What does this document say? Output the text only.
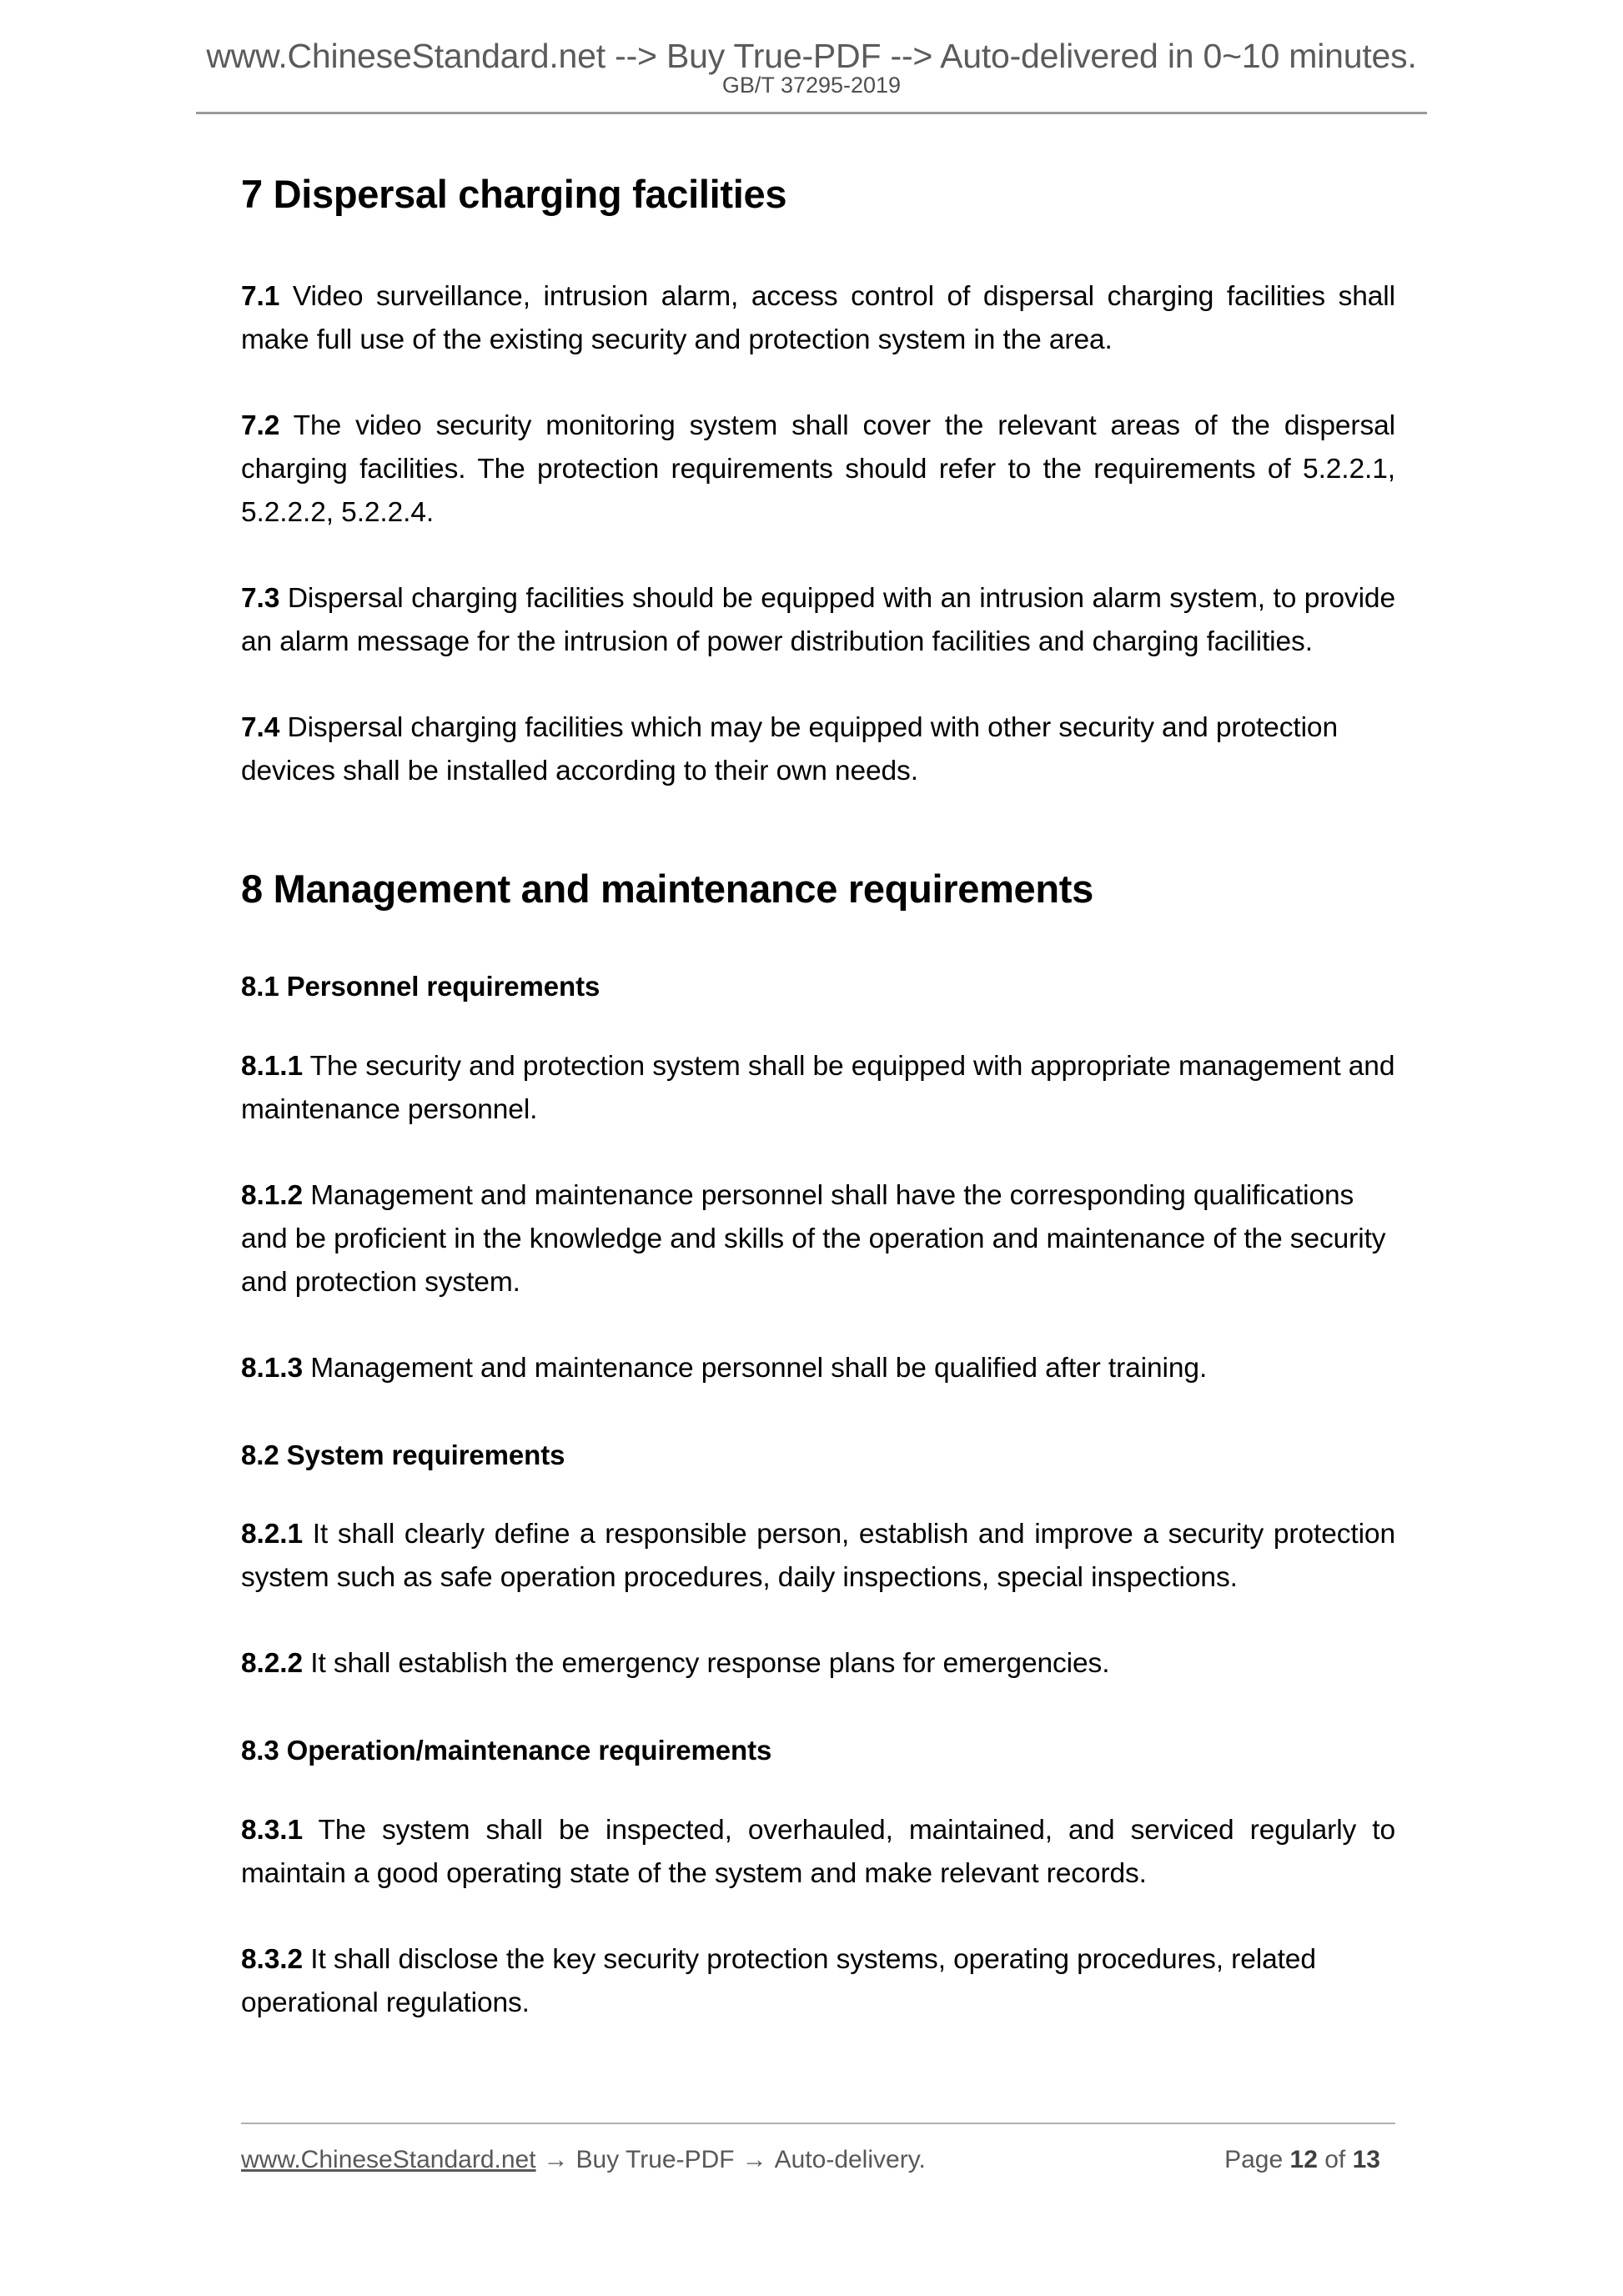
www.ChineseStandard.net --> Buy True-PDF --> Auto-delivered in 0~10 minutes.
GB/T 37295-2019
7 Dispersal charging facilities

7.1 Video surveillance, intrusion alarm, access control of dispersal charging facilities shall make full use of the existing security and protection system in the area.

7.2 The video security monitoring system shall cover the relevant areas of the dispersal charging facilities. The protection requirements should refer to the requirements of 5.2.2.1, 5.2.2.2, 5.2.2.4.

7.3 Dispersal charging facilities should be equipped with an intrusion alarm system, to provide an alarm message for the intrusion of power distribution facilities and charging facilities.

7.4 Dispersal charging facilities which may be equipped with other security and protection devices shall be installed according to their own needs.

8 Management and maintenance requirements
8.1 Personnel requirements

8.1.1 The security and protection system shall be equipped with appropriate management and maintenance personnel.

8.1.2 Management and maintenance personnel shall have the corresponding qualifications and be proficient in the knowledge and skills of the operation and maintenance of the security and protection system.

8.1.3 Management and maintenance personnel shall be qualified after training.

8.2 System requirements

8.2.1 It shall clearly define a responsible person, establish and improve a security protection system such as safe operation procedures, daily inspections, special inspections.

8.2.2 It shall establish the emergency response plans for emergencies.

8.3 Operation/maintenance requirements

8.3.1 The system shall be inspected, overhauled, maintained, and serviced regularly to maintain a good operating state of the system and make relevant records.

8.3.2 It shall disclose the key security protection systems, operating procedures, related operational regulations.

www.ChineseStandard.net → Buy True-PDF → Auto-delivery.	Page 12 of 13
